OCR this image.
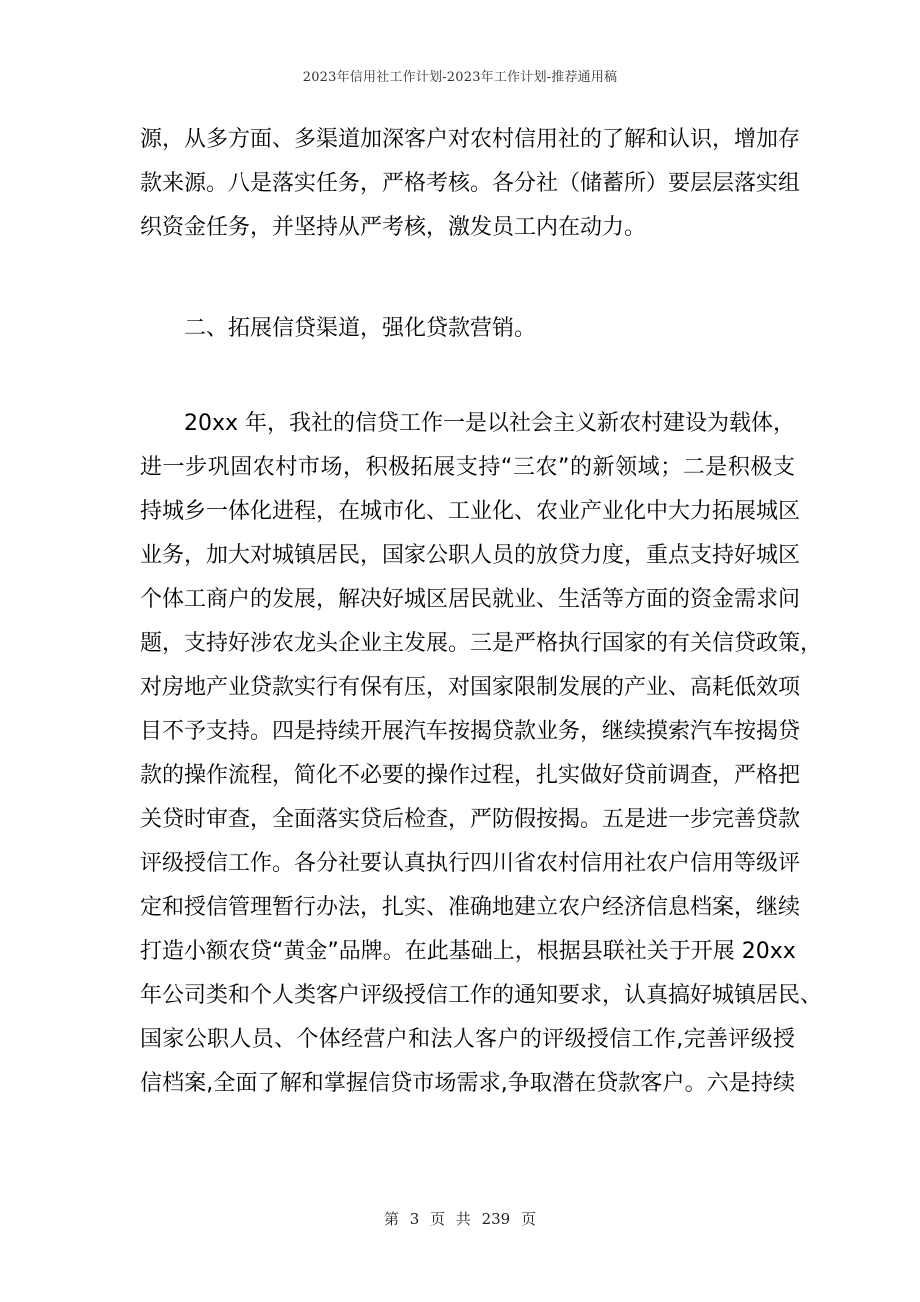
2023年信用社工作计划-2023年工作计划-推荐通用稿
源，从多方面、多渠道加深客户对农村信用社的了解和认识，增加存
款来源。八是落实任务，严格考核。各分社（储蓄所）要层层落实组
织资金任务，并坚持从严考核，激发员工内在动力。
二、拓展信贷渠道，强化贷款营销。
20xx 年，我社的信贷工作一是以社会主义新农村建设为载体，
进一步巩固农村市场，积极拓展支持“三农”的新领域；二是积极支
持城乡一体化进程，在城市化、工业化、农业产业化中大力拓展城区
业务，加大对城镇居民，国家公职人员的放贷力度，重点支持好城区
个体工商户的发展，解决好城区居民就业、生活等方面的资金需求问
题，支持好涉农龙头企业主发展。三是严格执行国家的有关信贷政策，
对房地产业贷款实行有保有压，对国家限制发展的产业、高耗低效项
目不予支持。四是持续开展汽车按揭贷款业务，继续摸索汽车按揭贷
款的操作流程，简化不必要的操作过程，扎实做好贷前调查，严格把
关贷时审查，全面落实贷后检查，严防假按揭。五是进一步完善贷款
评级授信工作。各分社要认真执行四川省农村信用社农户信用等级评
定和授信管理暂行办法，扎实、准确地建立农户经济信息档案，继续
打造小额农贷“黄金”品牌。在此基础上，根据县联社关于开展 20xx
年公司类和个人类客户评级授信工作的通知要求，认真搞好城镇居民、
国家公职人员、个体经营户和法人客户的评级授信工作,完善评级授
信档案,全面了解和掌握信贷市场需求,争取潜在贷款客户。六是持续
第 3 页 共 239 页
